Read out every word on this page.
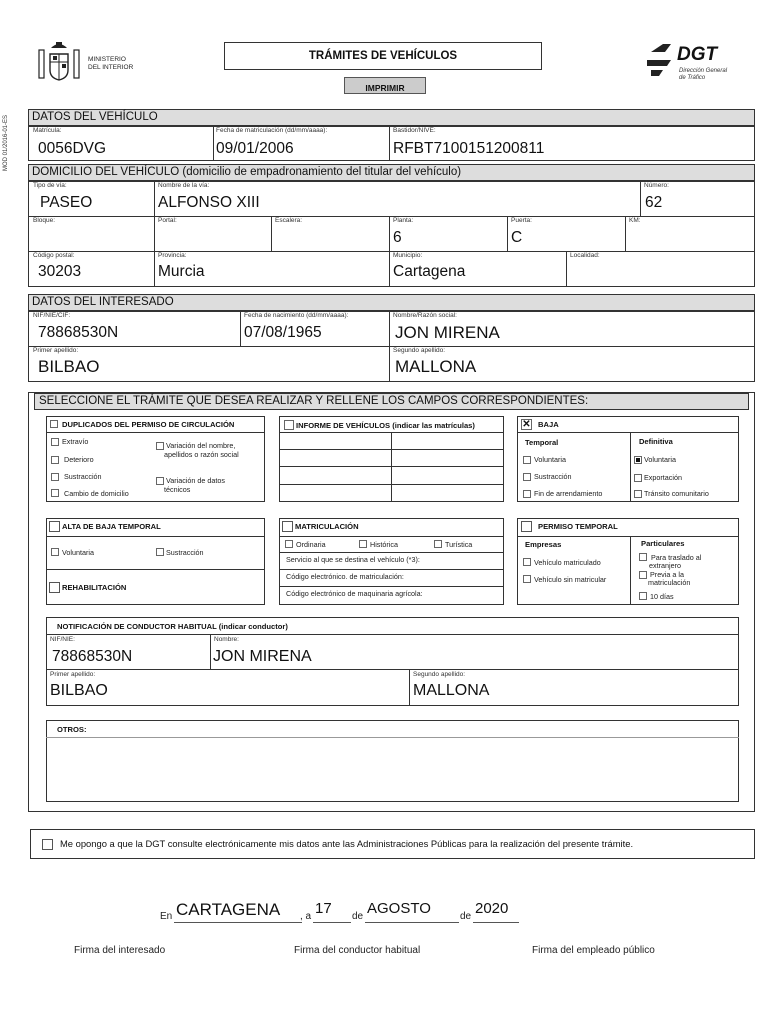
MINISTERIO
DEL INTERIOR
TRÁMITES DE VEHÍCULOS
IMPRIMIR
DGT
Dirección General
de Tráfico
MOD 01/2016-01-ES	DATOS DEL VEHÍCULO
Matrícula:
0056DVG
Fecha de matriculación (dd/mm/aaaa):
09/01/2006
Bastidor/NIVE:
RFBT7100151200811
DOMICILIO DEL VEHÍCULO (domicilio de empadronamiento del titular del vehículo)
Tipo de vía:
PASEO
Nombre de la vía:
ALFONSO XIII
Número:
62
Bloque:	Portal:	Escalera:	Planta:
6
Puerta:
C
KM:
Código postal:
30203
Provincia:
Murcia
Municipio:
Cartagena
Localidad:
DATOS DEL INTERESADO
NIF/NIE/CIF:
78868530N
Fecha de nacimiento (dd/mm/aaaa):
07/08/1965
Nombre/Razón social:
JON MIRENA
Primer apellido:
BILBAO
Segundo apellido:
MALLONA
SELECCIONE EL TRÁMITE QUE DESEA REALIZAR Y RELLENE LOS CAMPOS CORRESPONDIENTES:
DUPLICADOS DEL PERMISO DE CIRCULACIÓN
Extravío
Deterioro
Sustracción
Cambio de domicilio
Variación del nombre,
apellidos o razón social
Variación de datos
técnicos
INFORME DE VEHÍCULOS (indicar las matrículas)	✕ BAJA
Temporal	Definitiva
Voluntaria
Sustracción
Fin de arrendamiento
Voluntaria
Exportación
Tránsito comunitario
ALTA DE BAJA TEMPORAL
Voluntaria	Sustracción
REHABILITACIÓN
MATRICULACIÓN
Ordinaria	Histórica	Turística
Servicio al que se destina el vehículo (*3):
Código electrónico. de matriculación:
Código electrónico de maquinaria agrícola:
PERMISO TEMPORAL
Empresas	Particulares
Vehículo matriculado
Vehículo sin matricular
Para traslado al
extranjero
Previa a la
matriculación
10 días
NOTIFICACIÓN DE CONDUCTOR HABITUAL (indicar conductor)
NIF/NIE:
78868530N
Nombre:
JON MIRENA
Primer apellido:
BILBAO
Segundo apellido:
MALLONA
OTROS:
Me opongo a que la DGT consulte electrónicamente mis datos ante las Administraciones Públicas para la realización del presente trámite.
En CARTAGENA , a 17 de AGOSTO	de 2020
Firma del interesado	Firma del conductor habitual	Firma del empleado público
